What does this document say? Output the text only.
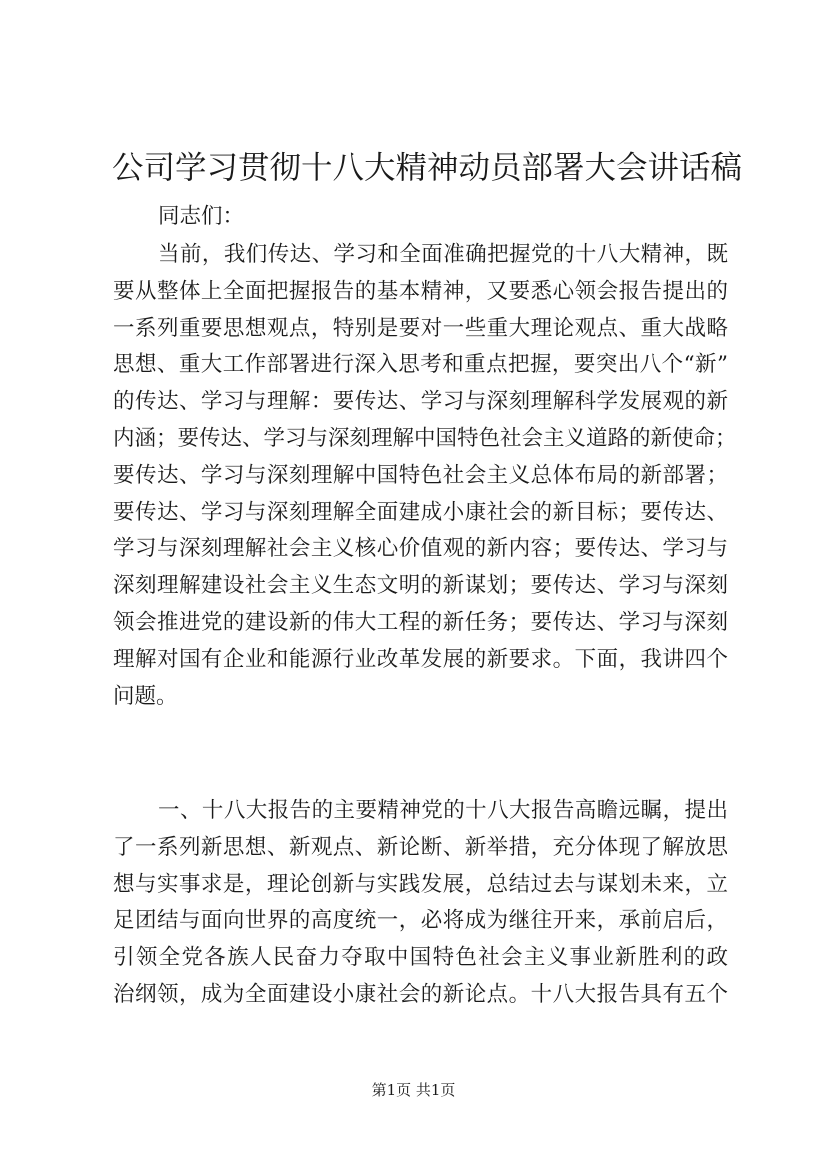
公司学习贯彻十八大精神动员部署大会讲话稿
同志们：
当前，我们传达、学习和全面准确把握党的十八大精神，既
要从整体上全面把握报告的基本精神，又要悉心领会报告提出的
一系列重要思想观点，特别是要对一些重大理论观点、重大战略
思想、重大工作部署进行深入思考和重点把握，要突出八个“新”
的传达、学习与理解：要传达、学习与深刻理解科学发展观的新
内涵；要传达、学习与深刻理解中国特色社会主义道路的新使命；
要传达、学习与深刻理解中国特色社会主义总体布局的新部署；
要传达、学习与深刻理解全面建成小康社会的新目标；要传达、
学习与深刻理解社会主义核心价值观的新内容；要传达、学习与
深刻理解建设社会主义生态文明的新谋划；要传达、学习与深刻
领会推进党的建设新的伟大工程的新任务；要传达、学习与深刻
理解对国有企业和能源行业改革发展的新要求。下面，我讲四个
问题。
一、十八大报告的主要精神党的十八大报告高瞻远瞩，提出
了一系列新思想、新观点、新论断、新举措，充分体现了解放思
想与实事求是，理论创新与实践发展，总结过去与谋划未来，立
足团结与面向世界的高度统一，必将成为继往开来，承前启后，
引领全党各族人民奋力夺取中国特色社会主义事业新胜利的政
治纲领，成为全面建设小康社会的新论点。十八大报告具有五个
第1页 共1页
